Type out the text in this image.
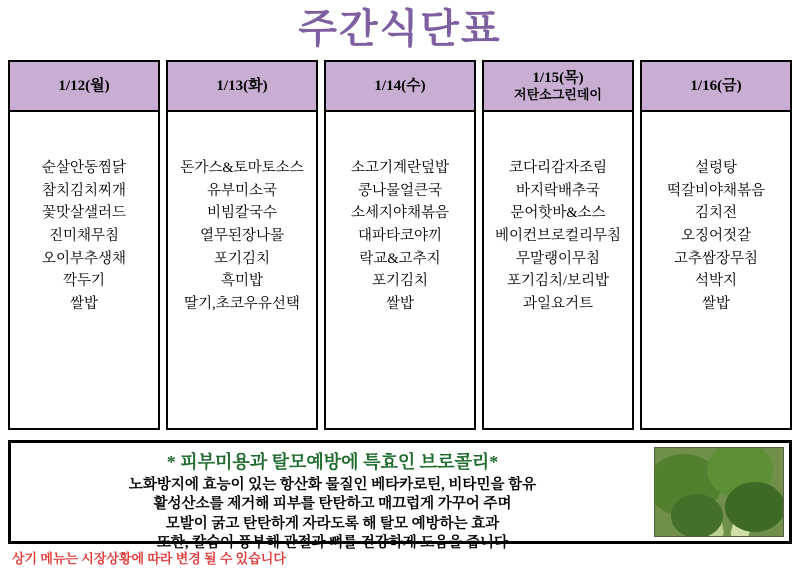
주간식단표
1/12(월)
순살안동찜닭
참치김치찌개
꽃맛살샐러드
진미채무침
오이부추생채
깍두기
쌀밥
1/13(화)
돈가스&토마토소스
유부미소국
비빔칼국수
열무된장나물
포기김치
흑미밥
딸기,초코우유선택
1/14(수)
소고기계란덮밥
콩나물얼큰국
소세지야채볶음
대파타코야끼
락교&고추지
포기김치
쌀밥
1/15(목)
저탄소그린데이
코다리감자조림
바지락배추국
문어핫바&소스
베이컨브로컬리무침
무말랭이무침
포기김치/보리밥
과일요거트
1/16(금)
설렁탕
떡갈비야채볶음
김치전
오징어젓갈
고추쌈장무침
석박지
쌀밥
* 피부미용과 탈모예방에 특효인 브로콜리*
노화방지에 효능이 있는 항산화 물질인 베타카로틴, 비타민을 함유
활성산소를 제거해 피부를 탄탄하고 매끄럽게 가꾸어 주며
모발이 굵고 탄탄하게 자라도록 해 탈모 예방하는 효과
또한, 칼슘이 풍부해 관절과 뼈를 건강하게 도움을 줍니다
상기 메뉴는 시장상황에 따라 변경 될 수 있습니다
